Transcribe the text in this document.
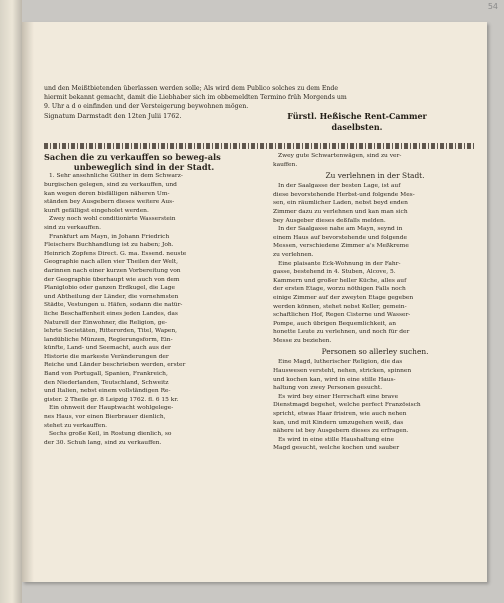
54
und den Meißtbietenden überlassen werden solle; Als wird dem Publico solches zu dem Ende
hiermit bekannt gemacht, damit die Liebhaber sich im obbemeldten Termino früh Morgends um
9. Uhr a d o einfinden und der Versteigerung beywohnen mögen.
Signatum Darmstadt den 12ten Julii 1762.	Fürstl. Heßische Rent-Cammer
daselbsten.
Sachen die zu verkauffen so beweg-als
unbeweglich sind in der Stadt.
1. Sehr ansehnliche Güther in dem Schwarz-
burgischen gelegen, sind zu verkauffen, und
kan wegen deren bisfälligen näheren Um-
ständen bey Ausgebern dieses weitere Aus-
kunft gefälligst eingeholet werden.
Zwey noch wohl conditionirte Wasserstein
sind zu verkauffen.
Frankfurt am Mayn, in Johann Friedrich
Fleischers Buchhandlung ist zu haben; Joh.
Heinrich Zopfens Direct. G. ma. Essend. neuste
Geographie nach allen vier Theilen der Welt,
darinnen nach einer kurzen Vorbereitung von
der Geographie überhaupt wie auch von dem
Planiglobio oder ganzen Erdkugel, die Lage
und Abtheilung der Länder, die vornehmsten
Städte, Vestungen u. Häfen, sodann die natür-
liche Beschaffenheit eines jeden Landes, das
Naturell der Einwohner, die Religion, ge-
lehrte Societäten, Ritterorden, Titel, Wapen,
landübliche Münzen, Regierungsform, Ein-
künfte, Land- und Seemacht, auch aus der
Historie die markeste Veränderungen der
Reiche und Länder beschrieben werden, erster
Band von Portugall, Spanien, Frankreich,
den Niederlanden, Teutschland, Schweitz
und Italien, nebst einem vollständigen Re-
gister. 2 Theile gr. 8 Leipzig 1762. fl. 6 15 kr.
Ein ohnweit der Hauptwacht wohlgelege-
nes Haus, vor einen Bierbrauer dienlich,
stehet zu verkauffen.
Sechs große Keil, in Rostung dienlich, so
der 30. Schuh lang, sind zu verkauffen.
Zwey gute Schwartenwägen, sind zu ver-
kauffen.
Zu verlehnen in der Stadt.
In der Saalgasse der besten Lage, ist auf
diese bevorstehende Herbst-und folgende Mes-
sen, ein räumlicher Laden, nebst beyd enden
Zimmer dazu zu verlehnen und kan man sich
bey Ausgeber dieses deßfalls melden.
In der Saalgasse nahe am Mayn, seynd in
einem Haus auf bevorstehende und folgende
Messen, verschiedene Zimmer a's Meßkreme
zu verlehnen.
Eine plaisante Eck-Wohnung in der Fahr-
gasse, bestehend in 4. Stuben, Alcove, 5.
Kammern und großer heller Küche, alles auf
der ersten Etage, worzu nöthigen Falls noch
einige Zimmer auf der zweyten Etage gegeben
werden können, stehet nebst Keller, gemein-
schaftlichen Hof, Regen Cisterne und Wasser-
Pompe, auch übrigen Bequemlichkeit, an
honette Leute zu verlehnen, und noch für der
Messe zu beziehen.
Personen so allerley suchen.
Eine Magd, lutherischer Religion, die das
Hauswesen versteht, nehen, stricken, spinnen
und kochen kan, wird in eine stille Haus-
haltung von zwey Personen gesucht.
Es wird bey einer Herrschaft eine brave
Dienstmagd begehet, welche perfect Französisch
spricht, etwas Haar frisiren, wie auch nehen
kan, und mit Kindern umzugehen weiß, das
nähere ist bey Ausgebern dieses zu erfragen.
Es wird in eine stille Haushaltung eine
Magd gesucht, welche kochen und sauber
